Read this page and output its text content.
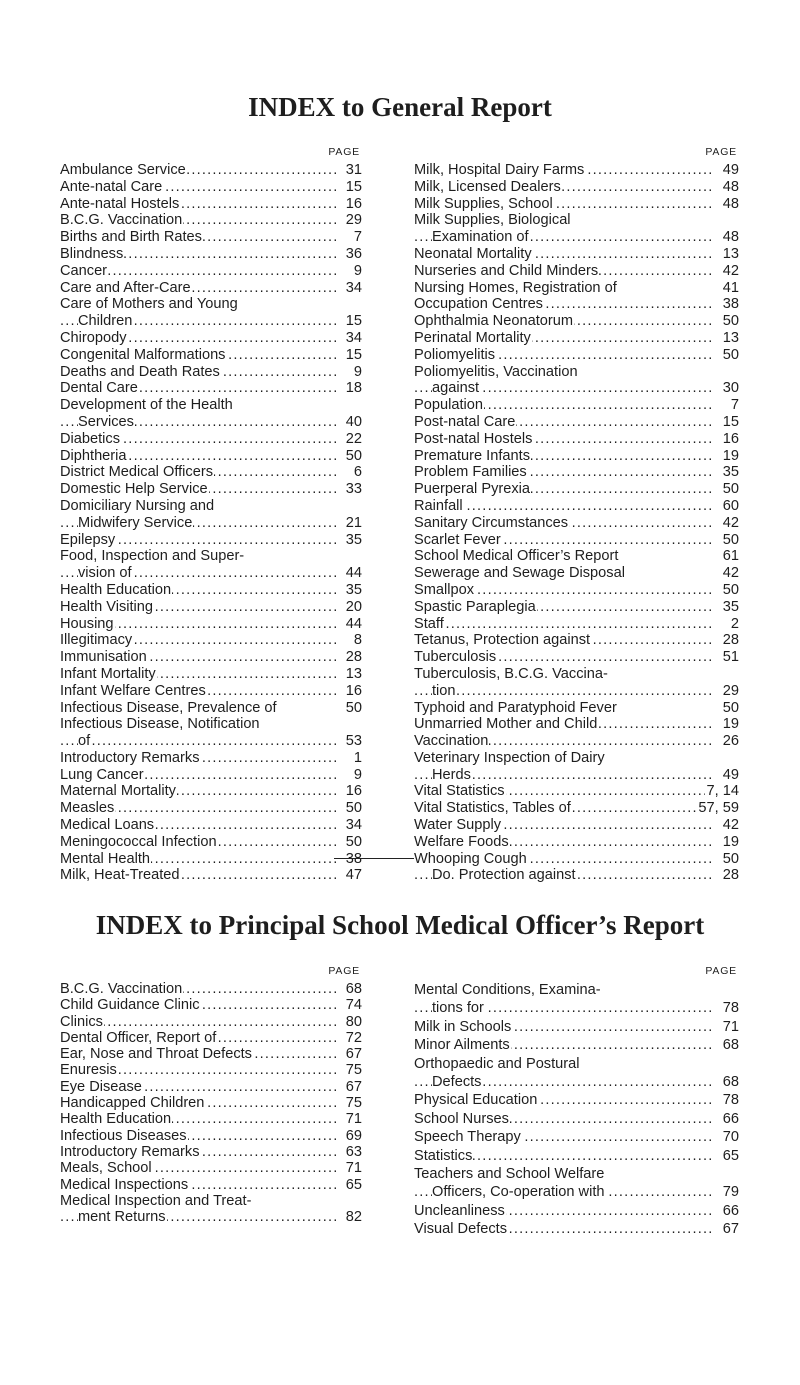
INDEX to General Report
PAGE
Ambulance Service .....	31
Ante-natal Care .....	15
Ante-natal Hostels .....	16
B.C.G. Vaccination .....	29
Births and Birth Rates .....	7
Blindness .....	36
Cancer .....	9
Care and After-Care .....	34
Care of Mothers and Young
Children .....	15
Chiropody .....	34
Congenital Malformations .....	15
Deaths and Death Rates .....	9
Dental Care .....	18
Development of the Health
Services .....	40
Diabetics .....	22
Diphtheria .....	50
District Medical Officers .....	6
Domestic Help Service .....	33
Domiciliary Nursing and
Midwifery Service .....	21
Epilepsy .....	35
Food, Inspection and Super-
vision of .....	44
Health Education .....	35
Health Visiting .....	20
Housing .....	44
Illegitimacy .....	8
Immunisation .....	28
Infant Mortality .....	13
Infant Welfare Centres .....	16
Infectious Disease, Prevalence of	50
Infectious Disease, Notification
of .....	53
Introductory Remarks .....	1
Lung Cancer .....	9
Maternal Mortality .....	16
Measles .....	50
Medical Loans .....	34
Meningococcal Infection .....	50
Mental Health .....	38
Milk, Heat-Treated .....	47
PAGE
Milk, Hospital Dairy Farms .....	49
Milk, Licensed Dealers .....	48
Milk Supplies, School .....	48
Milk Supplies, Biological
Examination of .....	48
Neonatal Mortality .....	13
Nurseries and Child Minders .....	42
Nursing Homes, Registration of	41
Occupation Centres .....	38
Ophthalmia Neonatorum .....	50
Perinatal Mortality .....	13
Poliomyelitis .....	50
Poliomyelitis, Vaccination
against .....	30
Population .....	7
Post-natal Care .....	15
Post-natal Hostels .....	16
Premature Infants .....	19
Problem Families .....	35
Puerperal Pyrexia .....	50
Rainfall .....	60
Sanitary Circumstances .....	42
Scarlet Fever .....	50
School Medical Officer’s Report	61
Sewerage and Sewage Disposal	42
Smallpox .....	50
Spastic Paraplegia .....	35
Staff .....	2
Tetanus, Protection against .....	28
Tuberculosis .....	51
Tuberculosis, B.C.G. Vaccina-
tion .....	29
Typhoid and Paratyphoid Fever	50
Unmarried Mother and Child .....	19
Vaccination .....	26
Veterinary Inspection of Dairy
Herds .....	49
Vital Statistics .....	7, 14
Vital Statistics, Tables of .....	57, 59
Water Supply .....	42
Welfare Foods .....	19
Whooping Cough .....	50
Do. Protection against .....	28
INDEX to Principal School Medical Officer’s Report
PAGE
B.C.G. Vaccination .....	68
Child Guidance Clinic .....	74
Clinics .....	80
Dental Officer, Report of .....	72
Ear, Nose and Throat Defects .....	67
Enuresis .....	75
Eye Disease .....	67
Handicapped Children .....	75
Health Education .....	71
Infectious Diseases .....	69
Introductory Remarks .....	63
Meals, School .....	71
Medical Inspections .....	65
Medical Inspection and Treat-
ment Returns .....	82
PAGE
Mental Conditions, Examina-
tions for .....	78
Milk in Schools .....	71
Minor Ailments .....	68
Orthopaedic and Postural
Defects .....	68
Physical Education .....	78
School Nurses .....	66
Speech Therapy .....	70
Statistics .....	65
Teachers and School Welfare
Officers, Co-operation with .....	79
Uncleanliness .....	66
Visual Defects .....	67
